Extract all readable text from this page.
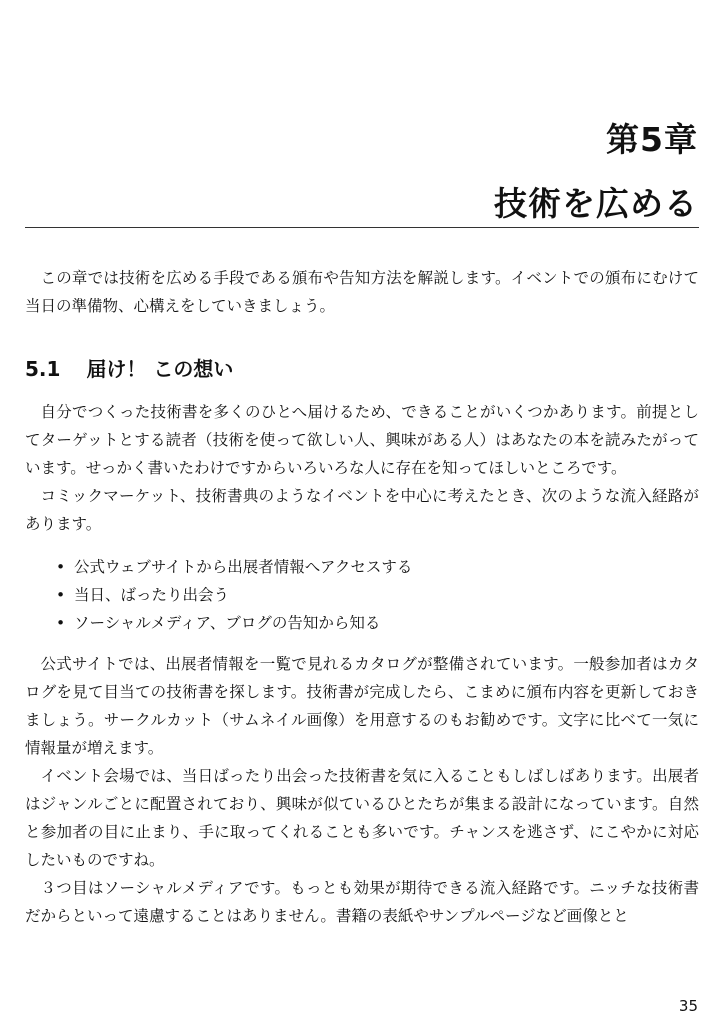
第5章
技術を広める

この章では技術を広める手段である頒布や告知方法を解説します。イベントでの頒布にむけて当日の準備物、心構えをしていきましょう。

5.1 届け！ この想い

自分でつくった技術書を多くのひとへ届けるため、できることがいくつかあります。前提としてターゲットとする読者（技術を使って欲しい人、興味がある人）はあなたの本を読みたがっています。せっかく書いたわけですからいろいろな人に存在を知ってほしいところです。

コミックマーケット、技術書典のようなイベントを中心に考えたとき、次のような流入経路があります。

• 公式ウェブサイトから出展者情報へアクセスする
• 当日、ばったり出会う
• ソーシャルメディア、ブログの告知から知る

公式サイトでは、出展者情報を一覧で見れるカタログが整備されています。一般参加者はカタログを見て目当ての技術書を探します。技術書が完成したら、こまめに頒布内容を更新しておきましょう。サークルカット（サムネイル画像）を用意するのもお勧めです。文字に比べて一気に情報量が増えます。

イベント会場では、当日ばったり出会った技術書を気に入ることもしばしばあります。出展者はジャンルごとに配置されており、興味が似ているひとたちが集まる設計になっています。自然と参加者の目に止まり、手に取ってくれることも多いです。チャンスを逃さず、にこやかに対応したいものですね。

３つ目はソーシャルメディアです。もっとも効果が期待できる流入経路です。ニッチな技術書だからといって遠慮することはありません。書籍の表紙やサンプルページなど画像とと

35
